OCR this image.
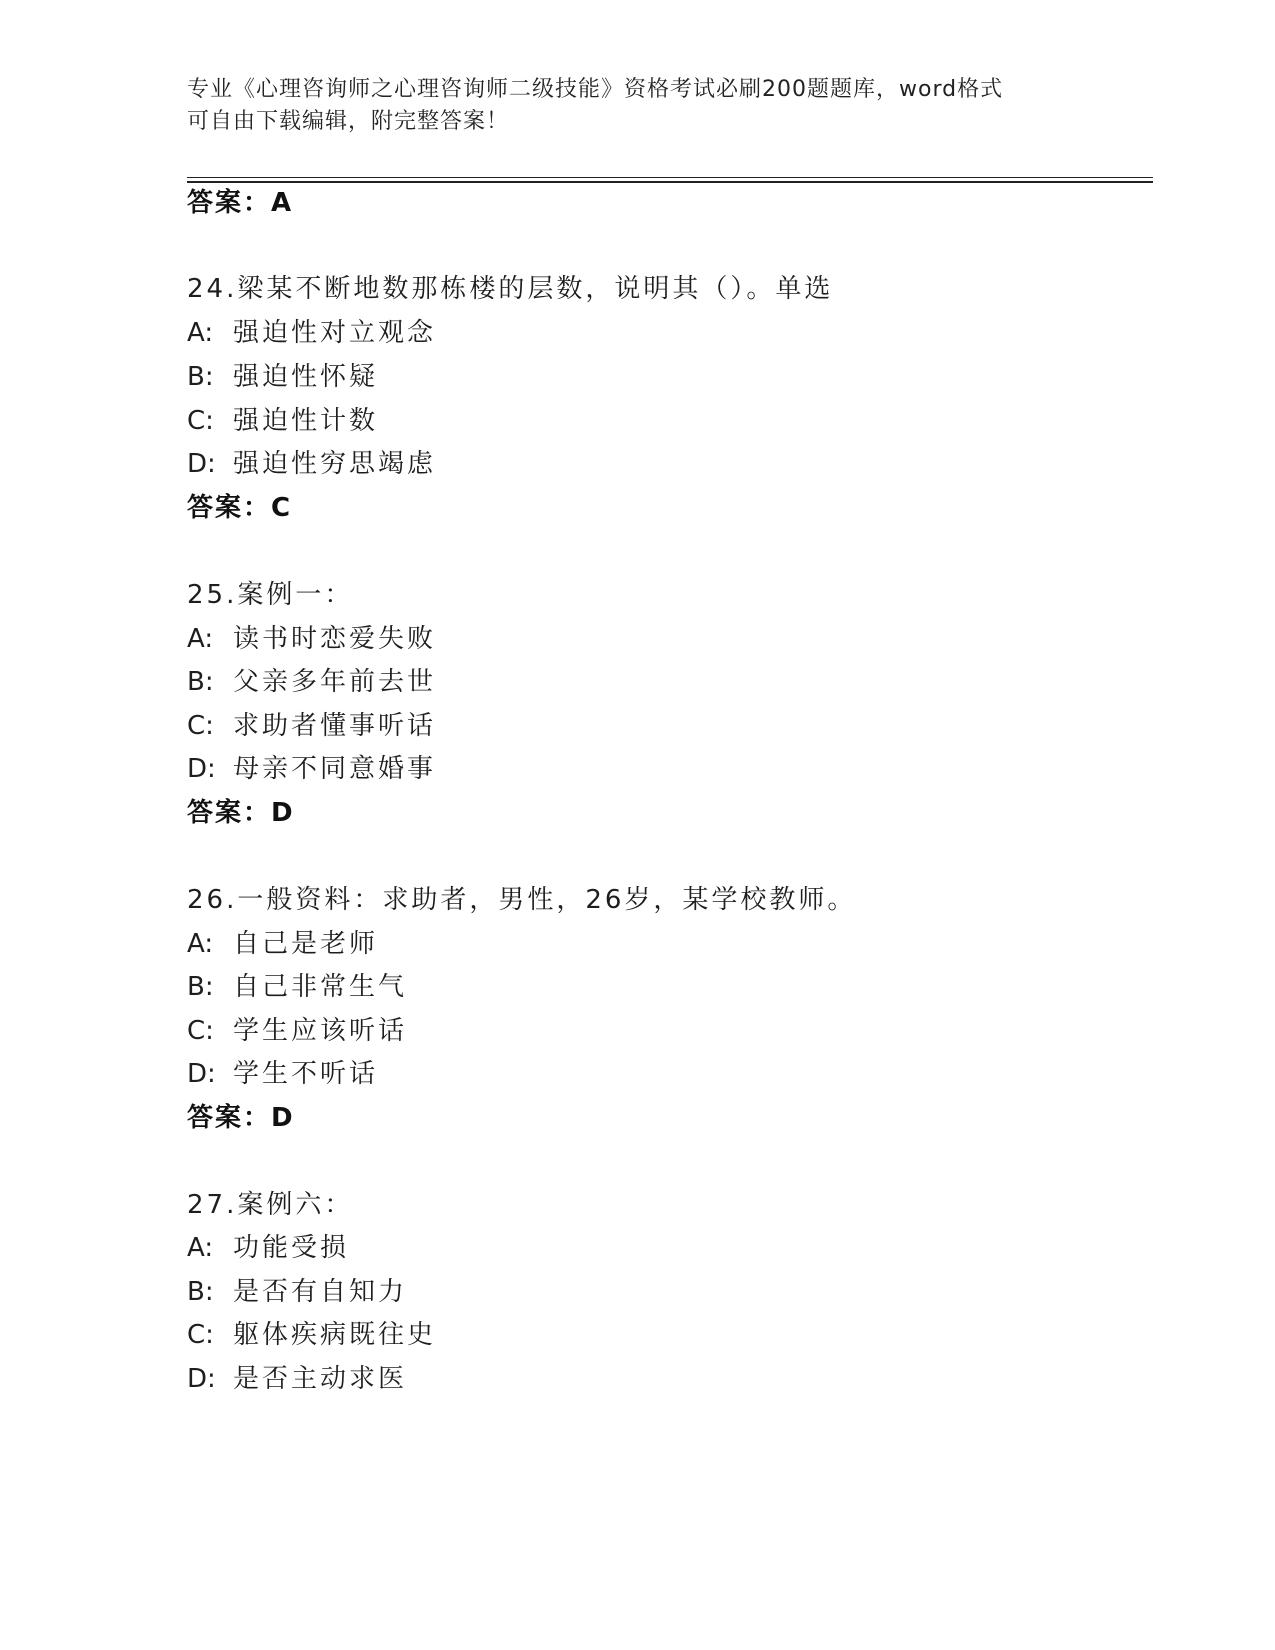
专业《心理咨询师之心理咨询师二级技能》资格考试必刷200题题库，word格式
可自由下载编辑，附完整答案！
答案：A
24.梁某不断地数那栋楼的层数，说明其（）。单选
A: 强迫性对立观念
B: 强迫性怀疑
C: 强迫性计数
D: 强迫性穷思竭虑
答案：C
25.案例一：
A: 读书时恋爱失败
B: 父亲多年前去世
C: 求助者懂事听话
D: 母亲不同意婚事
答案：D
26.一般资料：求助者，男性，26岁，某学校教师。
A: 自己是老师
B: 自己非常生气
C: 学生应该听话
D: 学生不听话
答案：D
27.案例六：
A: 功能受损
B: 是否有自知力
C: 躯体疾病既往史
D: 是否主动求医
